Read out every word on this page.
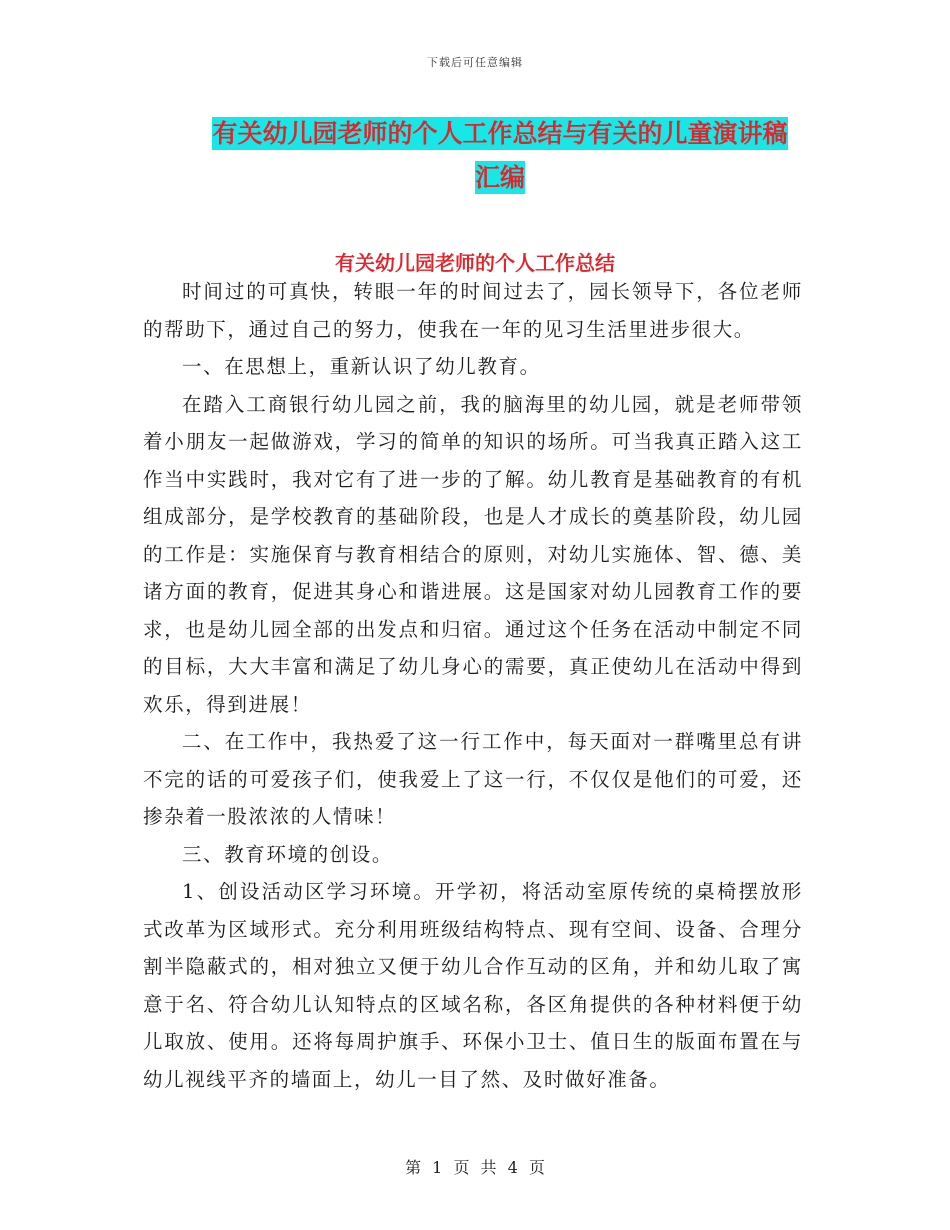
下载后可任意编辑
有关幼儿园老师的个人工作总结与有关的儿童演讲稿
汇编
有关幼儿园老师的个人工作总结

时间过的可真快，转眼一年的时间过去了，园长领导下，各位老师的帮助下，通过自己的努力，使我在一年的见习生活里进步很大。

一、在思想上，重新认识了幼儿教育。

在踏入工商银行幼儿园之前，我的脑海里的幼儿园，就是老师带领着小朋友一起做游戏，学习的简单的知识的场所。可当我真正踏入这工作当中实践时，我对它有了进一步的了解。幼儿教育是基础教育的有机组成部分，是学校教育的基础阶段，也是人才成长的奠基阶段，幼儿园的工作是：实施保育与教育相结合的原则，对幼儿实施体、智、德、美诸方面的教育，促进其身心和谐进展。这是国家对幼儿园教育工作的要求，也是幼儿园全部的出发点和归宿。通过这个任务在活动中制定不同的目标，大大丰富和满足了幼儿身心的需要，真正使幼儿在活动中得到欢乐，得到进展！

二、在工作中，我热爱了这一行工作中，每天面对一群嘴里总有讲不完的话的可爱孩子们，使我爱上了这一行，不仅仅是他们的可爱，还掺杂着一股浓浓的人情味！

三、教育环境的创设。

1、创设活动区学习环境。开学初，将活动室原传统的桌椅摆放形式改革为区域形式。充分利用班级结构特点、现有空间、设备、合理分割半隐蔽式的，相对独立又便于幼儿合作互动的区角，并和幼儿取了寓意于名、符合幼儿认知特点的区域名称，各区角提供的各种材料便于幼儿取放、使用。还将每周护旗手、环保小卫士、值日生的版面布置在与幼儿视线平齐的墙面上，幼儿一目了然、及时做好准备。

第 1 页 共 4 页
